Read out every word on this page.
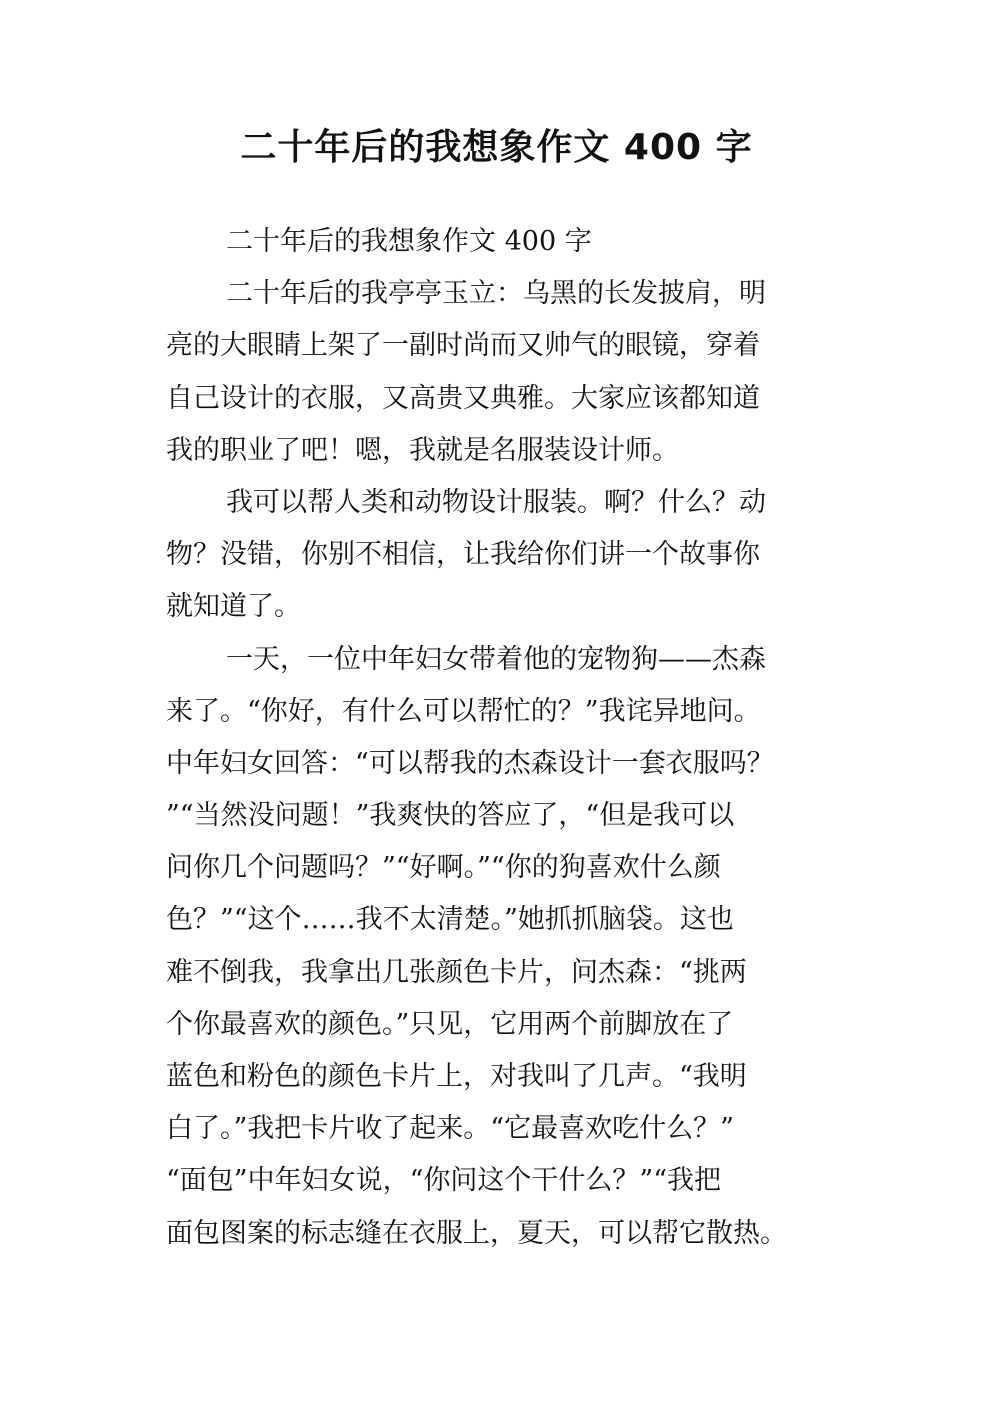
二十年后的我想象作文 400 字
二十年后的我想象作文 400 字
二十年后的我亭亭玉立：乌黑的长发披肩，明
亮的大眼睛上架了一副时尚而又帅气的眼镜，穿着
自己设计的衣服，又高贵又典雅。大家应该都知道
我的职业了吧！嗯，我就是名服装设计师。
我可以帮人类和动物设计服装。啊？什么？动
物？没错，你别不相信，让我给你们讲一个故事你
就知道了。
一天，一位中年妇女带着他的宠物狗——杰森
来了。“你好，有什么可以帮忙的？”我诧异地问。
中年妇女回答：“可以帮我的杰森设计一套衣服吗？
”“当然没问题！”我爽快的答应了，“但是我可以
问你几个问题吗？”“好啊。”“你的狗喜欢什么颜
色？”“这个……我不太清楚。”她抓抓脑袋。这也
难不倒我，我拿出几张颜色卡片，问杰森：“挑两
个你最喜欢的颜色。”只见，它用两个前脚放在了
蓝色和粉色的颜色卡片上，对我叫了几声。“我明
白了。”我把卡片收了起来。“它最喜欢吃什么？”
“面包”中年妇女说，“你问这个干什么？”“我把
面包图案的标志缝在衣服上，夏天，可以帮它散热。
